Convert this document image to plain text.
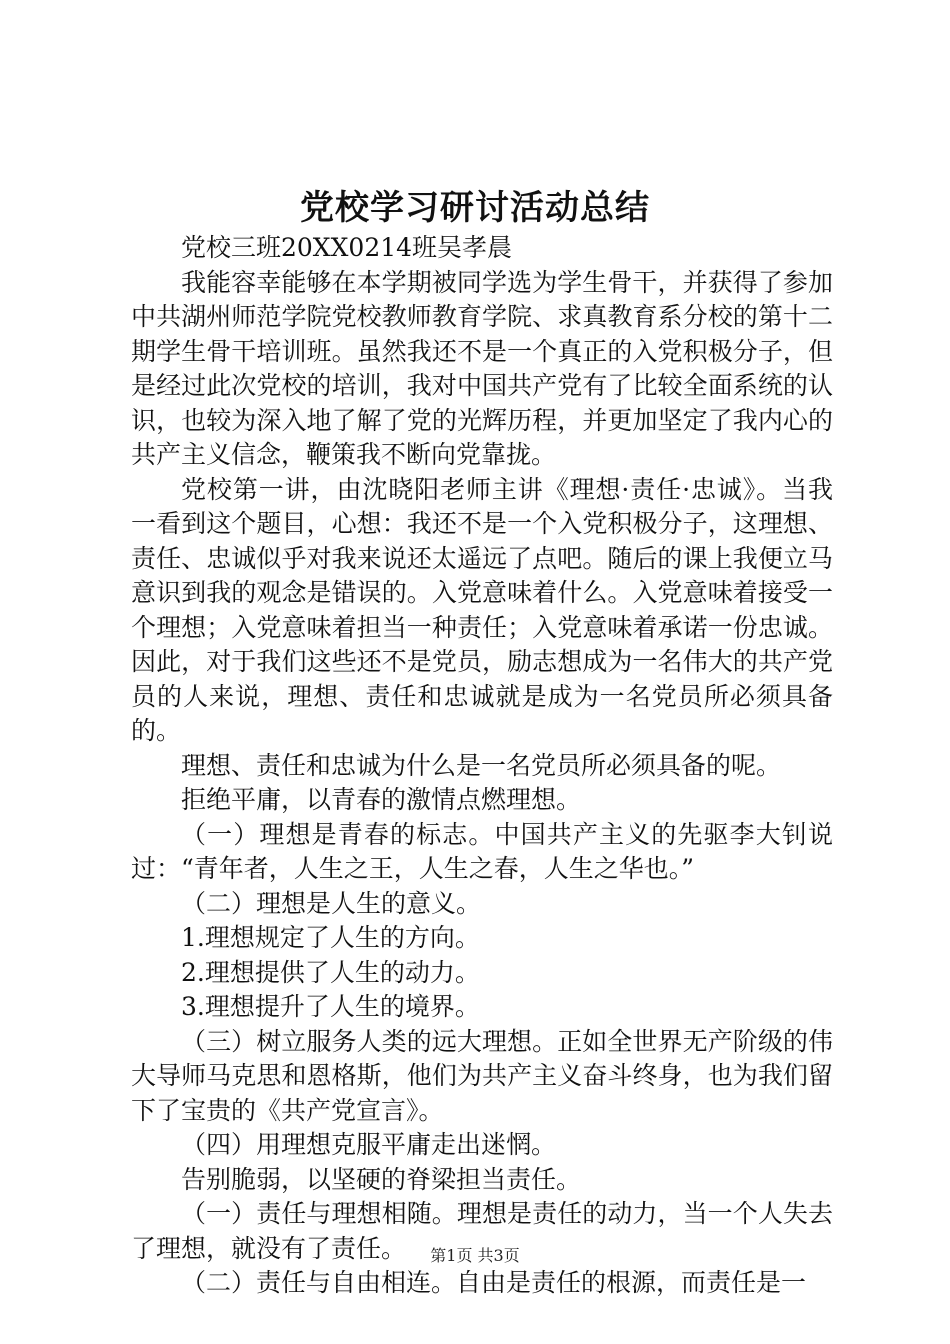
党校学习研讨活动总结

党校三班20XX0214班吴孝晨

我能容幸能够在本学期被同学选为学生骨干，并获得了参加中共湖州师范学院党校教师教育学院、求真教育系分校的第十二期学生骨干培训班。虽然我还不是一个真正的入党积极分子，但是经过此次党校的培训，我对中国共产党有了比较全面系统的认识，也较为深入地了解了党的光辉历程，并更加坚定了我内心的共产主义信念，鞭策我不断向党靠拢。

党校第一讲，由沈晓阳老师主讲《理想·责任·忠诚》。当我一看到这个题目，心想：我还不是一个入党积极分子，这理想、责任、忠诚似乎对我来说还太遥远了点吧。随后的课上我便立马意识到我的观念是错误的。入党意味着什么。入党意味着接受一个理想；入党意味着担当一种责任；入党意味着承诺一份忠诚。因此，对于我们这些还不是党员，励志想成为一名伟大的共产党员的人来说，理想、责任和忠诚就是成为一名党员所必须具备的。

理想、责任和忠诚为什么是一名党员所必须具备的呢。

拒绝平庸，以青春的激情点燃理想。

（一）理想是青春的标志。中国共产主义的先驱李大钊说过：“青年者，人生之王，人生之春，人生之华也。”

（二）理想是人生的意义。

1.理想规定了人生的方向。

2.理想提供了人生的动力。

3.理想提升了人生的境界。

（三）树立服务人类的远大理想。正如全世界无产阶级的伟大导师马克思和恩格斯，他们为共产主义奋斗终身，也为我们留下了宝贵的《共产党宣言》。

（四）用理想克服平庸走出迷惘。

告别脆弱，以坚硬的脊梁担当责任。

（一）责任与理想相随。理想是责任的动力，当一个人失去了理想，就没有了责任。

（二）责任与自由相连。自由是责任的根源，而责任是一

第1页 共3页
